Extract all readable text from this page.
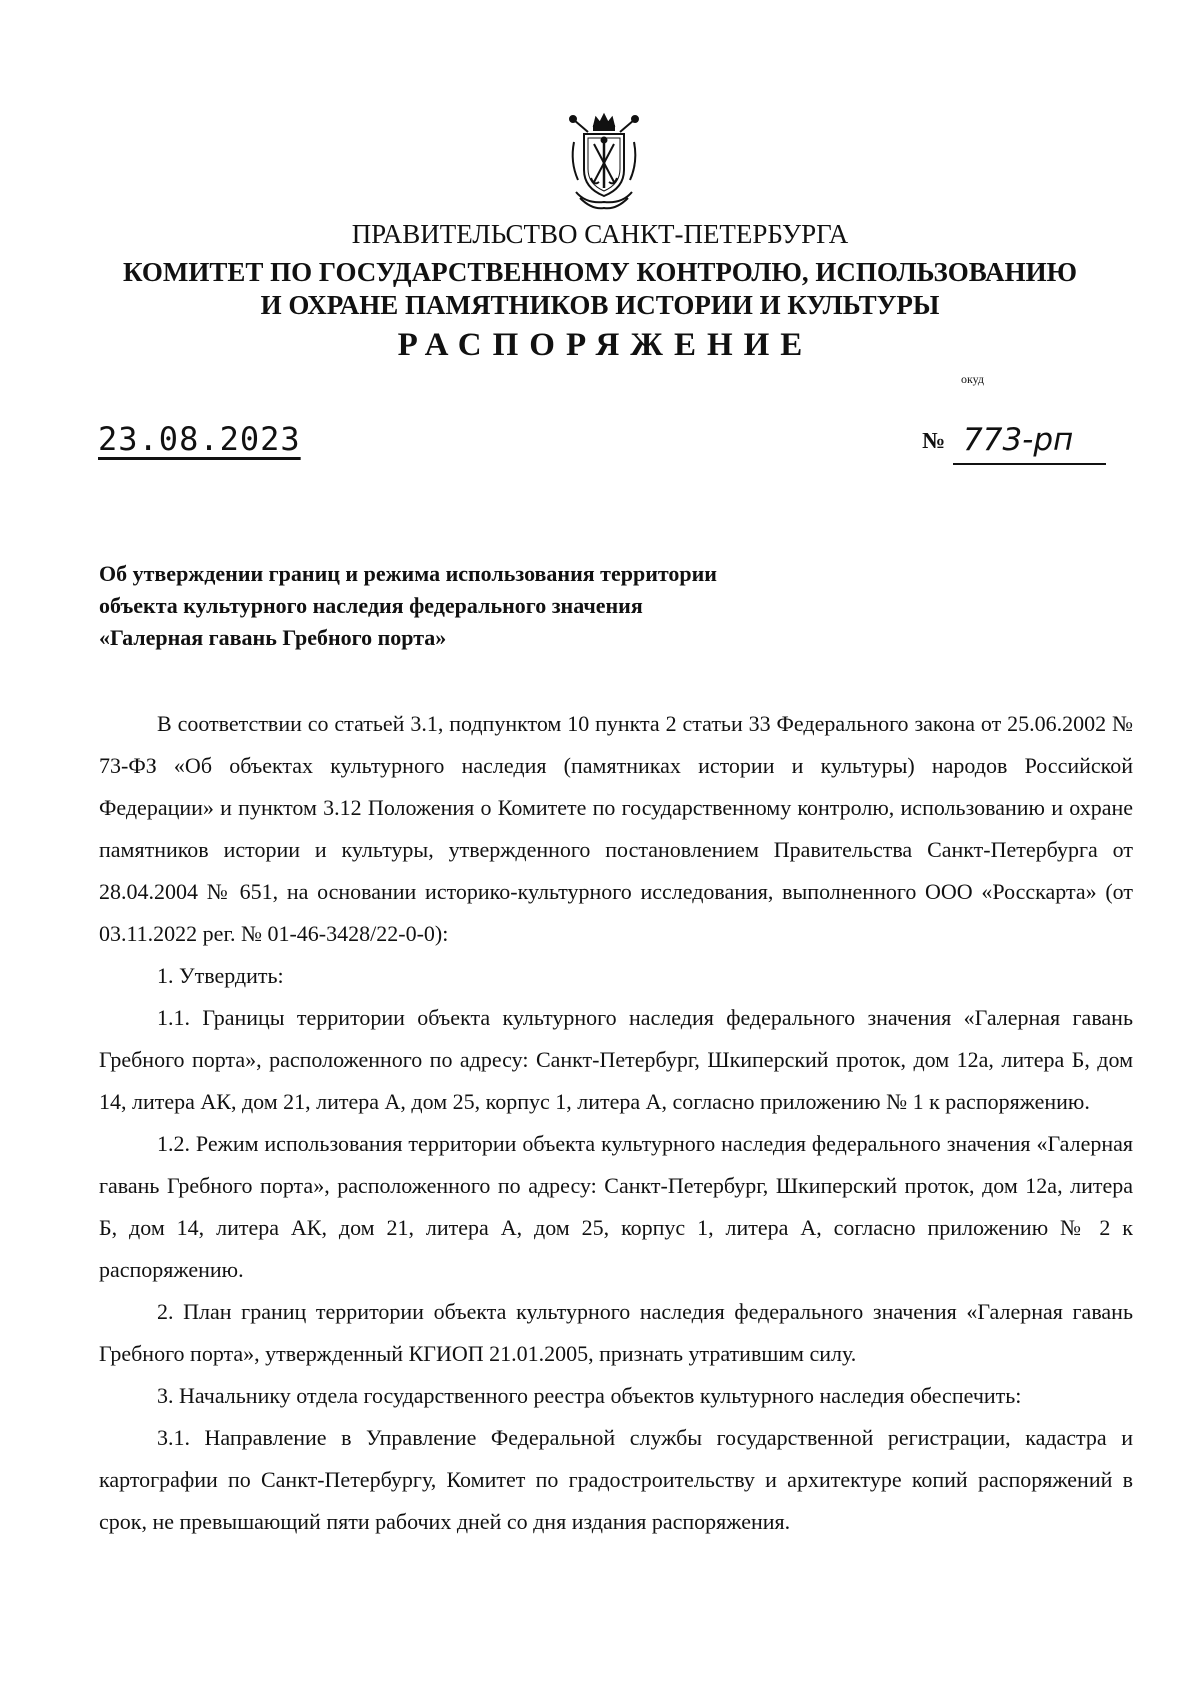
ПРАВИТЕЛЬСТВО САНКТ-ПЕТЕРБУРГА
КОМИТЕТ ПО ГОСУДАРСТВЕННОМУ КОНТРОЛЮ, ИСПОЛЬЗОВАНИЮ
И ОХРАНЕ ПАМЯТНИКОВ ИСТОРИИ И КУЛЬТУРЫ
РАСПОРЯЖЕНИЕ
окуд
23.08.2023	№ 773-рп
Об утверждении границ и режима использования территории
объекта культурного наследия федерального значения
«Галерная гавань Гребного порта»

В соответствии со статьей 3.1, подпунктом 10 пункта 2 статьи 33 Федерального закона от 25.06.2002 № 73-ФЗ «Об объектах культурного наследия (памятниках истории и культуры) народов Российской Федерации» и пунктом 3.12 Положения о Комитете по государственному контролю, использованию и охране памятников истории и культуры, утвержденного постановлением Правительства Санкт-Петербурга от 28.04.2004 № 651, на основании историко-культурного исследования, выполненного ООО «Росскарта» (от 03.11.2022 рег. № 01-46-3428/22-0-0):

1. Утвердить:

1.1. Границы территории объекта культурного наследия федерального значения «Галерная гавань Гребного порта», расположенного по адресу: Санкт-Петербург, Шкиперский проток, дом 12а, литера Б, дом 14, литера АК, дом 21, литера А, дом 25, корпус 1, литера А, согласно приложению № 1 к распоряжению.

1.2. Режим использования территории объекта культурного наследия федерального значения «Галерная гавань Гребного порта», расположенного по адресу: Санкт-Петербург, Шкиперский проток, дом 12а, литера Б, дом 14, литера АК, дом 21, литера А, дом 25, корпус 1, литера А, согласно приложению № 2 к распоряжению.

2. План границ территории объекта культурного наследия федерального значения «Галерная гавань Гребного порта», утвержденный КГИОП 21.01.2005, признать утратившим силу.

3. Начальнику отдела государственного реестра объектов культурного наследия обеспечить:

3.1. Направление в Управление Федеральной службы государственной регистрации, кадастра и картографии по Санкт-Петербургу, Комитет по градостроительству и архитектуре копий распоряжений в срок, не превышающий пяти рабочих дней со дня издания распоряжения.
